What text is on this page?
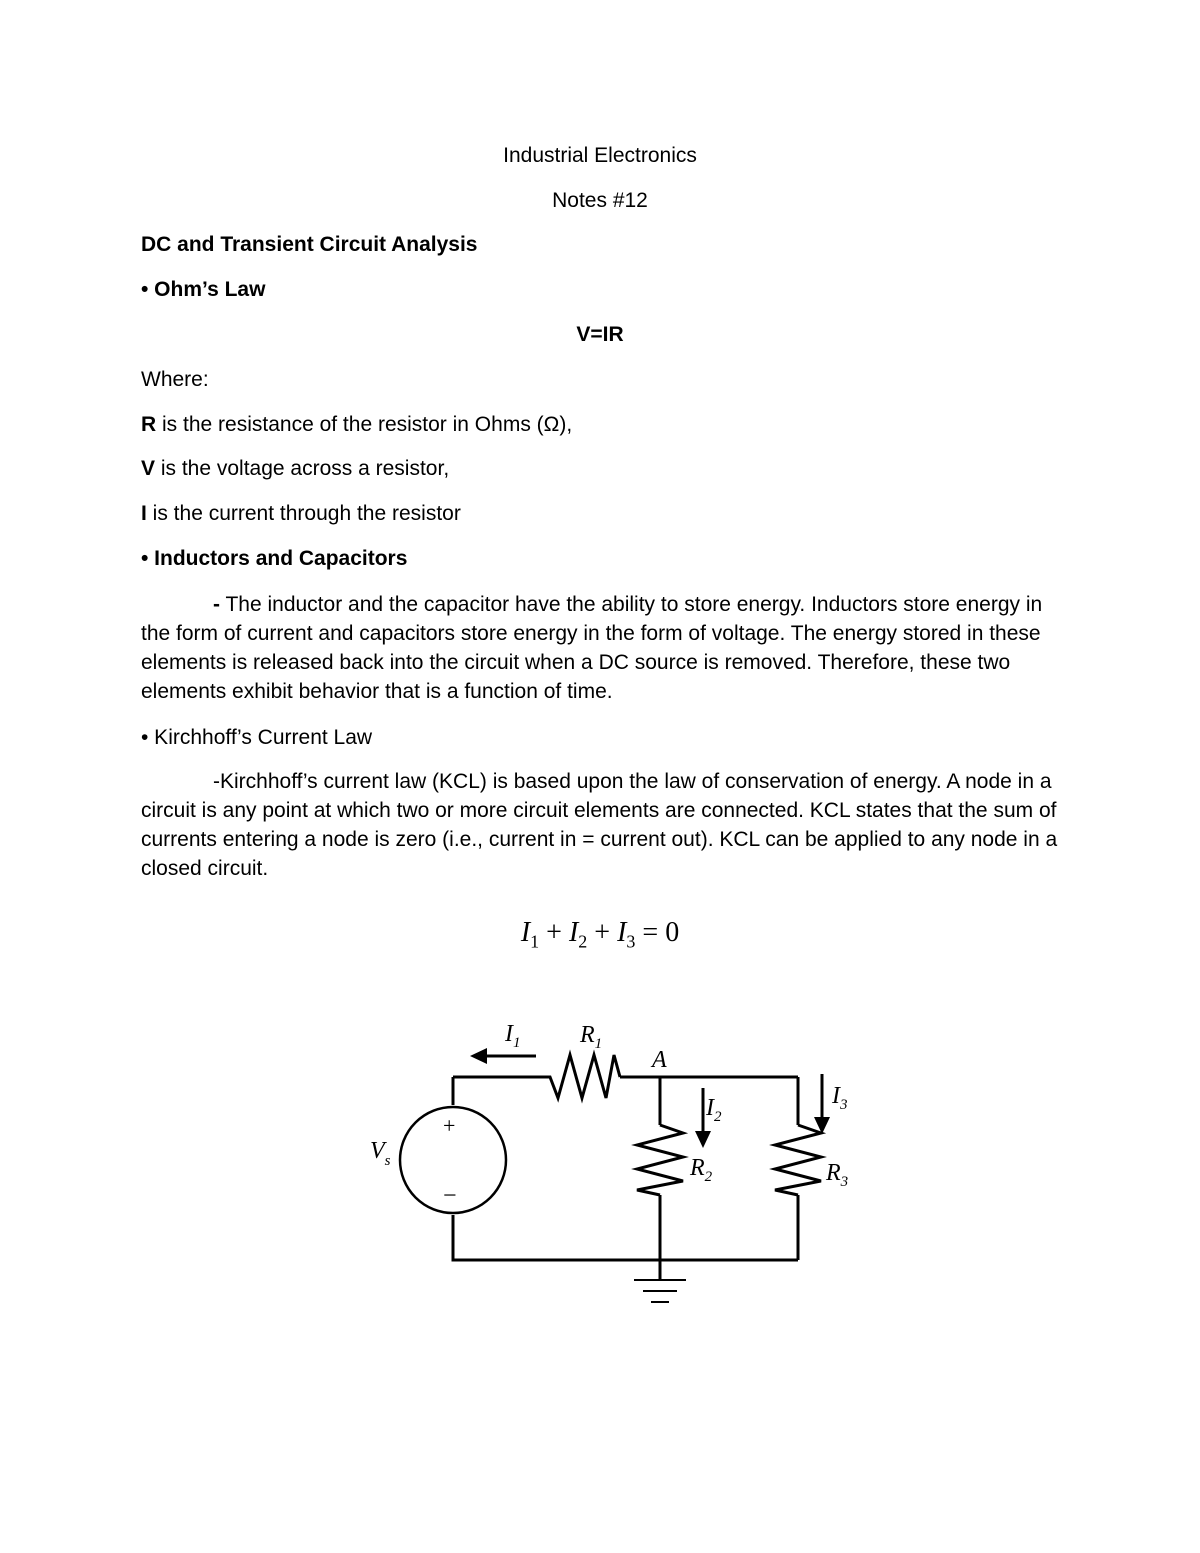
Industrial Electronics
Notes #12
DC and Transient Circuit Analysis
• Ohm’s Law
V=IR
Where:
R is the resistance of the resistor in Ohms (Ω),
V is the voltage across a resistor,
I is the current through the resistor
• Inductors and Capacitors
- The inductor and the capacitor have the ability to store energy. Inductors store energy in the form of current and capacitors store energy in the form of voltage. The energy stored in these elements is released back into the circuit when a DC source is removed. Therefore, these two elements exhibit behavior that is a function of time.
• Kirchhoff’s Current Law
-Kirchhoff’s current law (KCL) is based upon the law of conservation of energy. A node in a circuit is any point at which two or more circuit elements are connected. KCL states that the sum of currents entering a node is zero (i.e., current in = current out). KCL can be applied to any node in a closed circuit.
$I_1 + I_2 + I_3 = 0$
+
−
$V_s$
$I_1$ $R_1$
A
$I_2$
$R_2$
$I_3$
$R_3$
